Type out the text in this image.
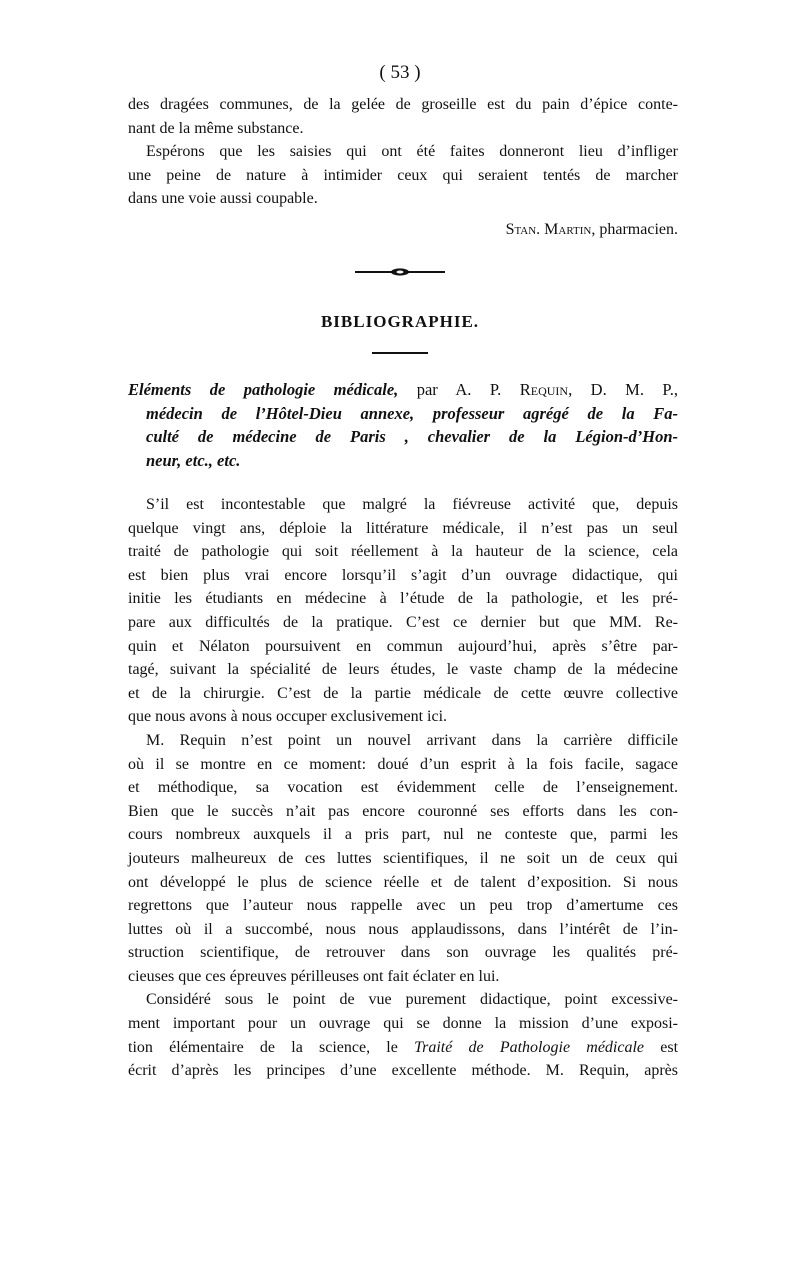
( 53 )
des dragées communes, de la gelée de groseille est du pain d’épice conte-
nant de la même substance.
Espérons que les saisies qui ont été faites donneront lieu d’infliger
une peine de nature à intimider ceux qui seraient tentés de marcher
dans une voie aussi coupable.
Stan. Martin, pharmacien.
BIBLIOGRAPHIE.
Eléments de pathologie médicale, par A. P. Requin, D. M. P.,
médecin de l’Hôtel-Dieu annexe, professeur agrégé de la Fa-
culté de médecine de Paris , chevalier de la Légion-d’Hon-
neur, etc., etc.
S’il est incontestable que malgré la fiévreuse activité que, depuis
quelque vingt ans, déploie la littérature médicale, il n’est pas un seul
traité de pathologie qui soit réellement à la hauteur de la science, cela
est bien plus vrai encore lorsqu’il s’agit d’un ouvrage didactique, qui
initie les étudiants en médecine à l’étude de la pathologie, et les pré-
pare aux difficultés de la pratique. C’est ce dernier but que MM. Re-
quin et Nélaton poursuivent en commun aujourd’hui, après s’être par-
tagé, suivant la spécialité de leurs études, le vaste champ de la médecine
et de la chirurgie. C’est de la partie médicale de cette œuvre collective
que nous avons à nous occuper exclusivement ici.
M. Requin n’est point un nouvel arrivant dans la carrière difficile
où il se montre en ce moment: doué d’un esprit à la fois facile, sagace
et méthodique, sa vocation est évidemment celle de l’enseignement.
Bien que le succès n’ait pas encore couronné ses efforts dans les con-
cours nombreux auxquels il a pris part, nul ne conteste que, parmi les
jouteurs malheureux de ces luttes scientifiques, il ne soit un de ceux qui
ont développé le plus de science réelle et de talent d’exposition. Si nous
regrettons que l’auteur nous rappelle avec un peu trop d’amertume ces
luttes où il a succombé, nous nous applaudissons, dans l’intérêt de l’in-
struction scientifique, de retrouver dans son ouvrage les qualités pré-
cieuses que ces épreuves périlleuses ont fait éclater en lui.
Considéré sous le point de vue purement didactique, point excessive-
ment important pour un ouvrage qui se donne la mission d’une exposi-
tion élémentaire de la science, le Traité de Pathologie médicale est
écrit d’après les principes d’une excellente méthode. M. Requin, après
